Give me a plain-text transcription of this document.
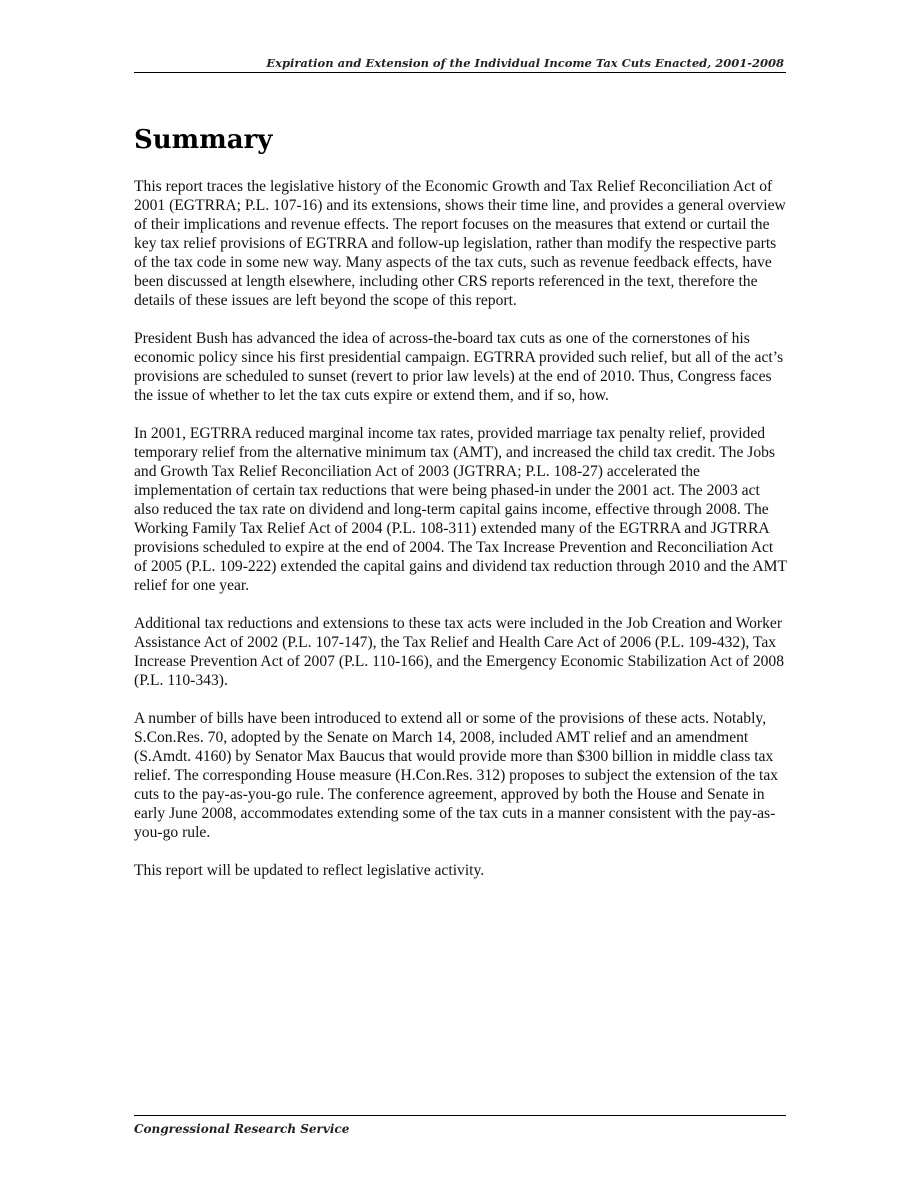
Expiration and Extension of the Individual Income Tax Cuts Enacted, 2001-2008
Summary

This report traces the legislative history of the Economic Growth and Tax Relief Reconciliation Act of 2001 (EGTRRA; P.L. 107-16) and its extensions, shows their time line, and provides a general overview of their implications and revenue effects. The report focuses on the measures that extend or curtail the key tax relief provisions of EGTRRA and follow-up legislation, rather than modify the respective parts of the tax code in some new way. Many aspects of the tax cuts, such as revenue feedback effects, have been discussed at length elsewhere, including other CRS reports referenced in the text, therefore the details of these issues are left beyond the scope of this report.

President Bush has advanced the idea of across-the-board tax cuts as one of the cornerstones of his economic policy since his first presidential campaign. EGTRRA provided such relief, but all of the act’s provisions are scheduled to sunset (revert to prior law levels) at the end of 2010. Thus, Congress faces the issue of whether to let the tax cuts expire or extend them, and if so, how.

In 2001, EGTRRA reduced marginal income tax rates, provided marriage tax penalty relief, provided temporary relief from the alternative minimum tax (AMT), and increased the child tax credit. The Jobs and Growth Tax Relief Reconciliation Act of 2003 (JGTRRA; P.L. 108-27) accelerated the implementation of certain tax reductions that were being phased-in under the 2001 act. The 2003 act also reduced the tax rate on dividend and long-term capital gains income, effective through 2008. The Working Family Tax Relief Act of 2004 (P.L. 108-311) extended many of the EGTRRA and JGTRRA provisions scheduled to expire at the end of 2004. The Tax Increase Prevention and Reconciliation Act of 2005 (P.L. 109-222) extended the capital gains and dividend tax reduction through 2010 and the AMT relief for one year.

Additional tax reductions and extensions to these tax acts were included in the Job Creation and Worker Assistance Act of 2002 (P.L. 107-147), the Tax Relief and Health Care Act of 2006 (P.L. 109-432), Tax Increase Prevention Act of 2007 (P.L. 110-166), and the Emergency Economic Stabilization Act of 2008 (P.L. 110-343).

A number of bills have been introduced to extend all or some of the provisions of these acts. Notably, S.Con.Res. 70, adopted by the Senate on March 14, 2008, included AMT relief and an amendment (S.Amdt. 4160) by Senator Max Baucus that would provide more than $300 billion in middle class tax relief. The corresponding House measure (H.Con.Res. 312) proposes to subject the extension of the tax cuts to the pay-as-you-go rule. The conference agreement, approved by both the House and Senate in early June 2008, accommodates extending some of the tax cuts in a manner consistent with the pay-as-you-go rule.

This report will be updated to reflect legislative activity.

Congressional Research Service
